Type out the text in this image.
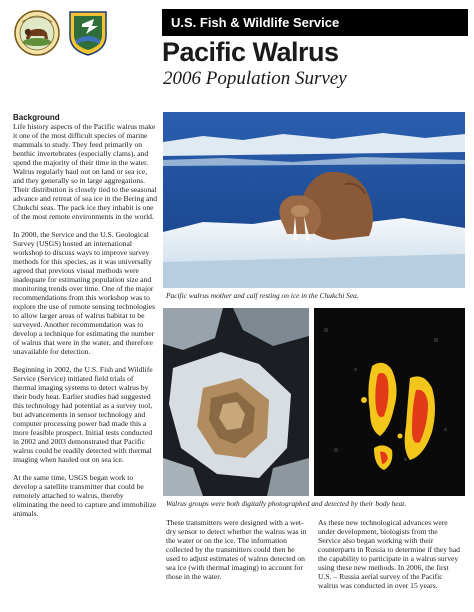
U.S. Fish & Wildlife Service
Pacific Walrus
2006 Population Survey
Background

Life history aspects of the Pacific walrus make it one of the most difficult species of marine mammals to study. They feed primarily on benthic invertebrates (especially clams), and spend the majority of their time in the water. Walrus regularly haul out on land or sea ice, and they generally so in large aggregations. Their distribution is closely tied to the seasonal advance and retreat of sea ice in the Bering and Chukchi seas. The pack ice they inhabit is one of the most remote environments in the world.

In 2000, the Service and the U.S. Geological Survey (USGS) hosted an international workshop to discuss ways to improve survey methods for this species, as it was universally agreed that previous visual methods were inadequate for estimating population size and monitoring trends over time. One of the major recommendations from this workshop was to explore the use of remote sensing technologies to allow larger areas of walrus habitat to be surveyed. Another recommendation was to develop a technique for estimating the number of walrus that were in the water, and therefore unavailable for detection.

Beginning in 2002, the U.S. Fish and Wildlife Service (Service) initiated field trials of thermal imaging systems to detect walrus by their body heat. Earlier studies had suggested this technology had potential as a survey tool, but advancements in sensor technology and computer processing power had made this a more feasible prospect. Initial tests conducted in 2002 and 2003 demonstrated that Pacific walrus could be readily detected with thermal imaging when hauled out on sea ice.

At the same time, USGS began work to develop a satellite transmitter that could be remotely attached to walrus, thereby eliminating the need to capture and immobilize animals.

Pacific walrus mother and calf resting on ice in the Chukchi Sea.
Walrus groups were both digitally photographed and detected by their body heat.

These transmitters were designed with a wet-dry sensor to detect whether the walrus was in the water or on the ice. The information collected by the transmitters could then be used to adjust estimates of walrus detected on sea ice (with thermal imaging) to account for those in the water.

As these new technological advances were under development, biologists from the Service also began working with their counterparts in Russia to determine if they had the capability to participate in a walrus survey using these new methods. In 2006, the first U.S. – Russia aerial survey of the Pacific walrus was conducted in over 15 years.
